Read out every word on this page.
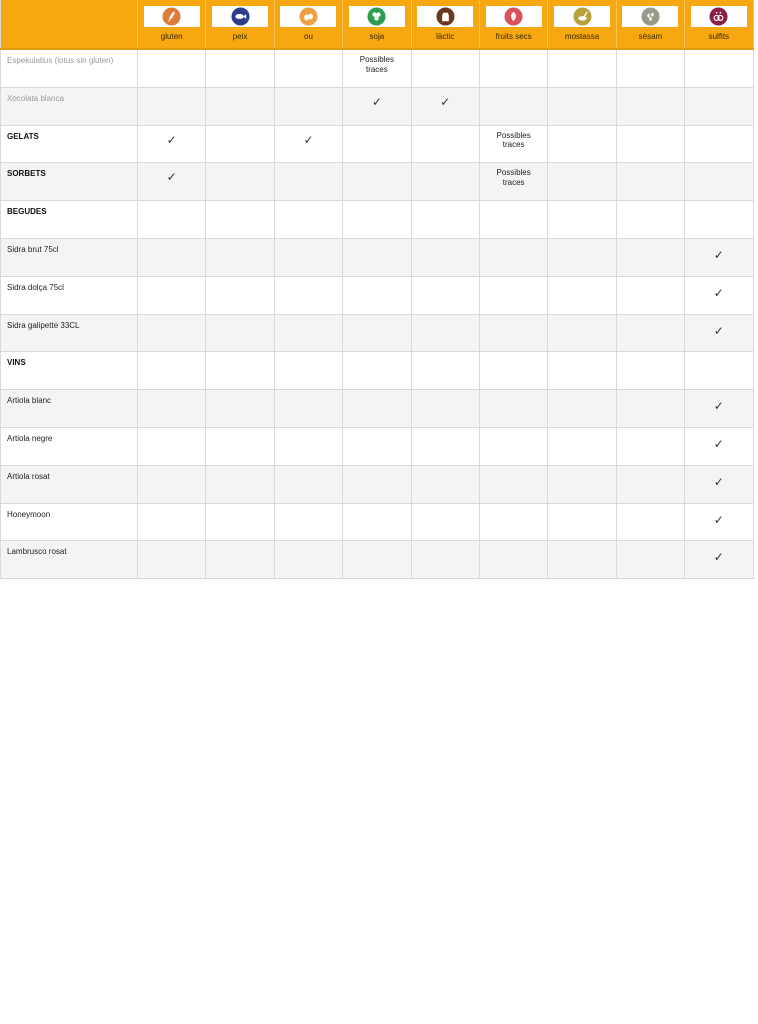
	gluten	peix	ou	soja	làctic	fruits secs	mostassa	sèsam	sulfits

Espekulatius (lotus sin gluten)				Possibles
traces					

Xocolata blanca				✓	✓				
GELATS	✓		✓			Possibles
traces			

SORBETS	✓					Possibles
traces			

BEGUDES									
Sidra brut 75cl									✓
Sidra dolça 75cl									✓
Sidra galipette 33CL									✓
VINS									
Artiola blanc									✓
Artiola negre									✓
Artiola rosat									✓
Honeymoon									✓
Lambrusco rosat									✓
